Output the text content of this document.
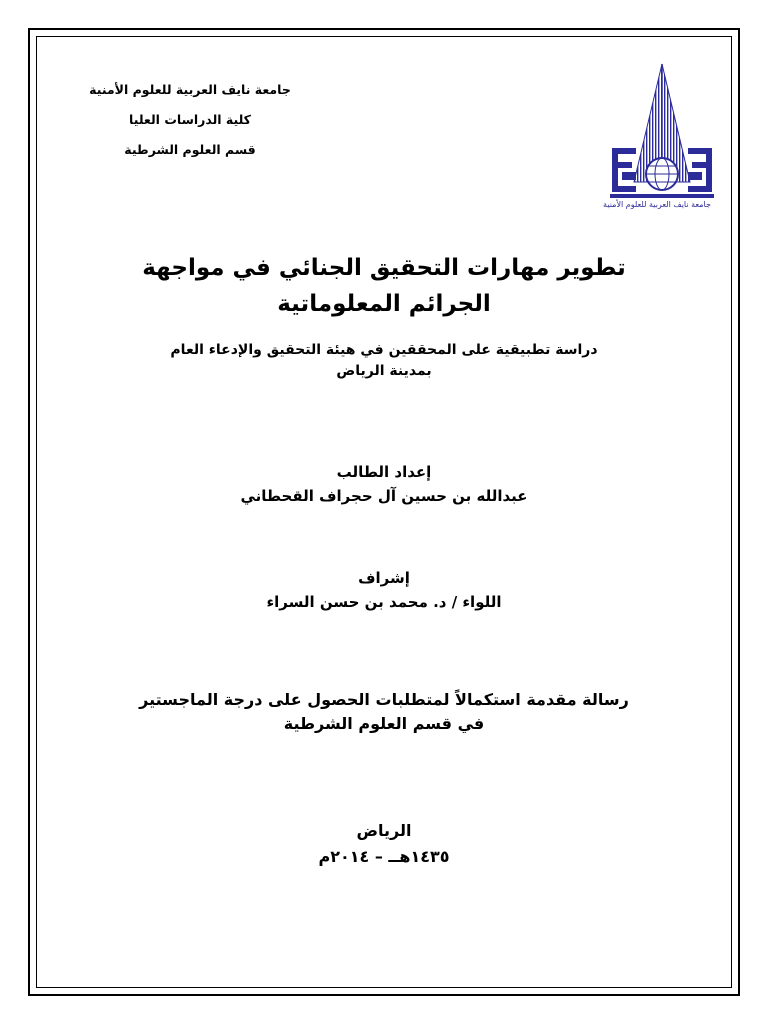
جامعة نايف العربية للعلوم الأمنية
كلية الدراسات العليا
قسم العلوم الشرطية
جامعة نايف العربية للعلوم الأمنية
تطوير مهارات التحقيق الجنائي في مواجهة
الجرائم المعلوماتية
دراسة تطبيقية على المحققين في هيئة التحقيق والإدعاء العام
بمدينة الرياض
إعداد الطالب
عبدالله بن حسين آل حجراف القحطاني
إشراف
اللواء / د. محمد بن حسن السراء
رسالة مقدمة استكمالاً لمتطلبات الحصول على درجة الماجستير
في قسم العلوم الشرطية
الرياض
١٤٣٥هــ – ٢٠١٤م
